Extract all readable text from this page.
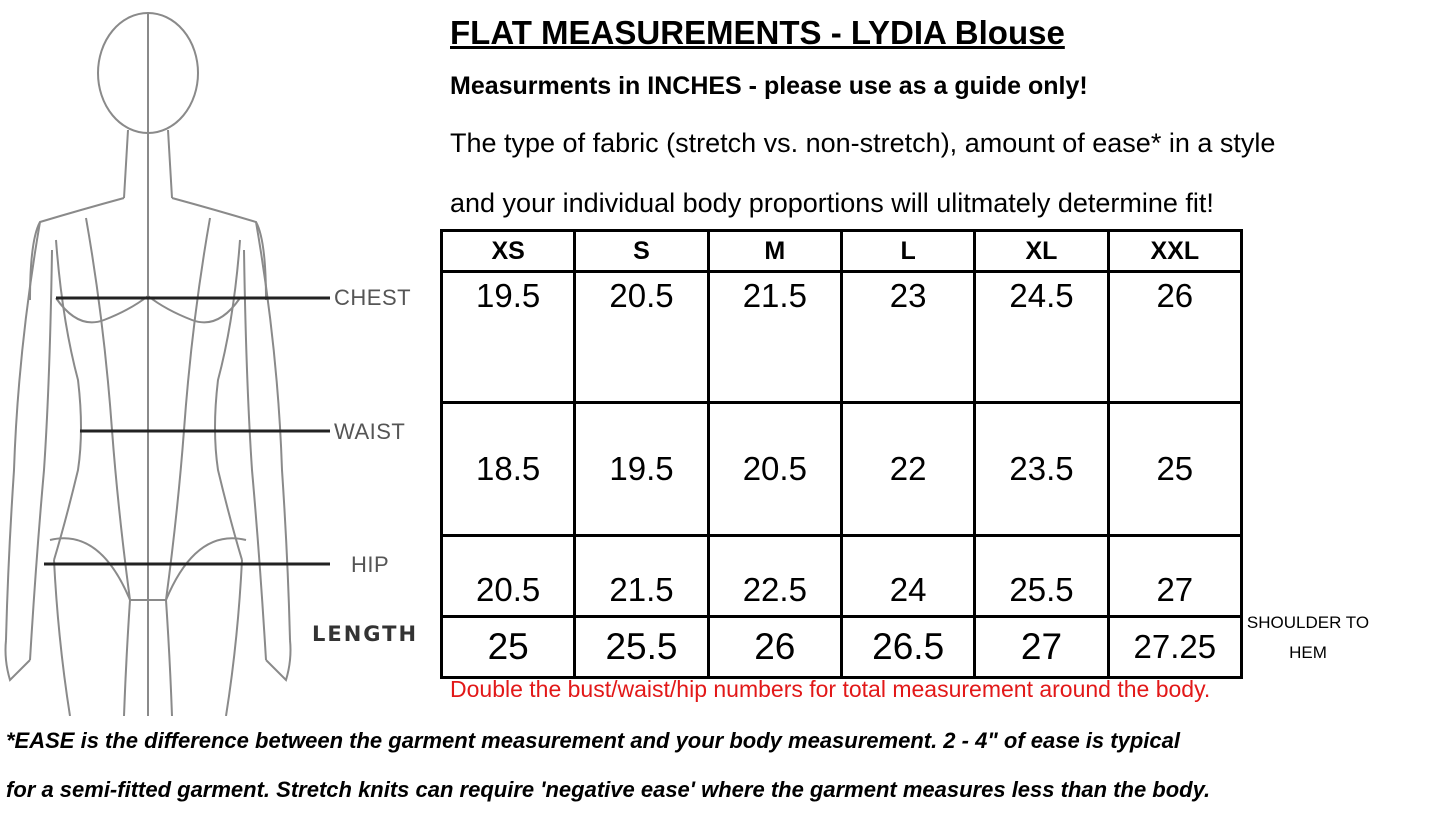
CHEST
WAIST
HIP
LENGTH
FLAT MEASUREMENTS - LYDIA Blouse
Measurments in INCHES - please use as a guide only!
The type of fabric (stretch vs. non-stretch), amount of ease* in a style
and your individual body proportions will ulitmately determine fit!
XS	S	M	L	XL	XXL
19.5	20.5	21.5	23	24.5	26
18.5	19.5	20.5	22	23.5	25
20.5	21.5	22.5	24	25.5	27
25	25.5	26	26.5	27	27.25
SHOULDER TO
HEM
Double the bust/waist/hip numbers for total measurement around the body.
*EASE is the difference between the garment measurement and your body measurement. 2 - 4" of ease is typical
for a semi-fitted garment. Stretch knits can require 'negative ease' where the garment measures less than the body.
